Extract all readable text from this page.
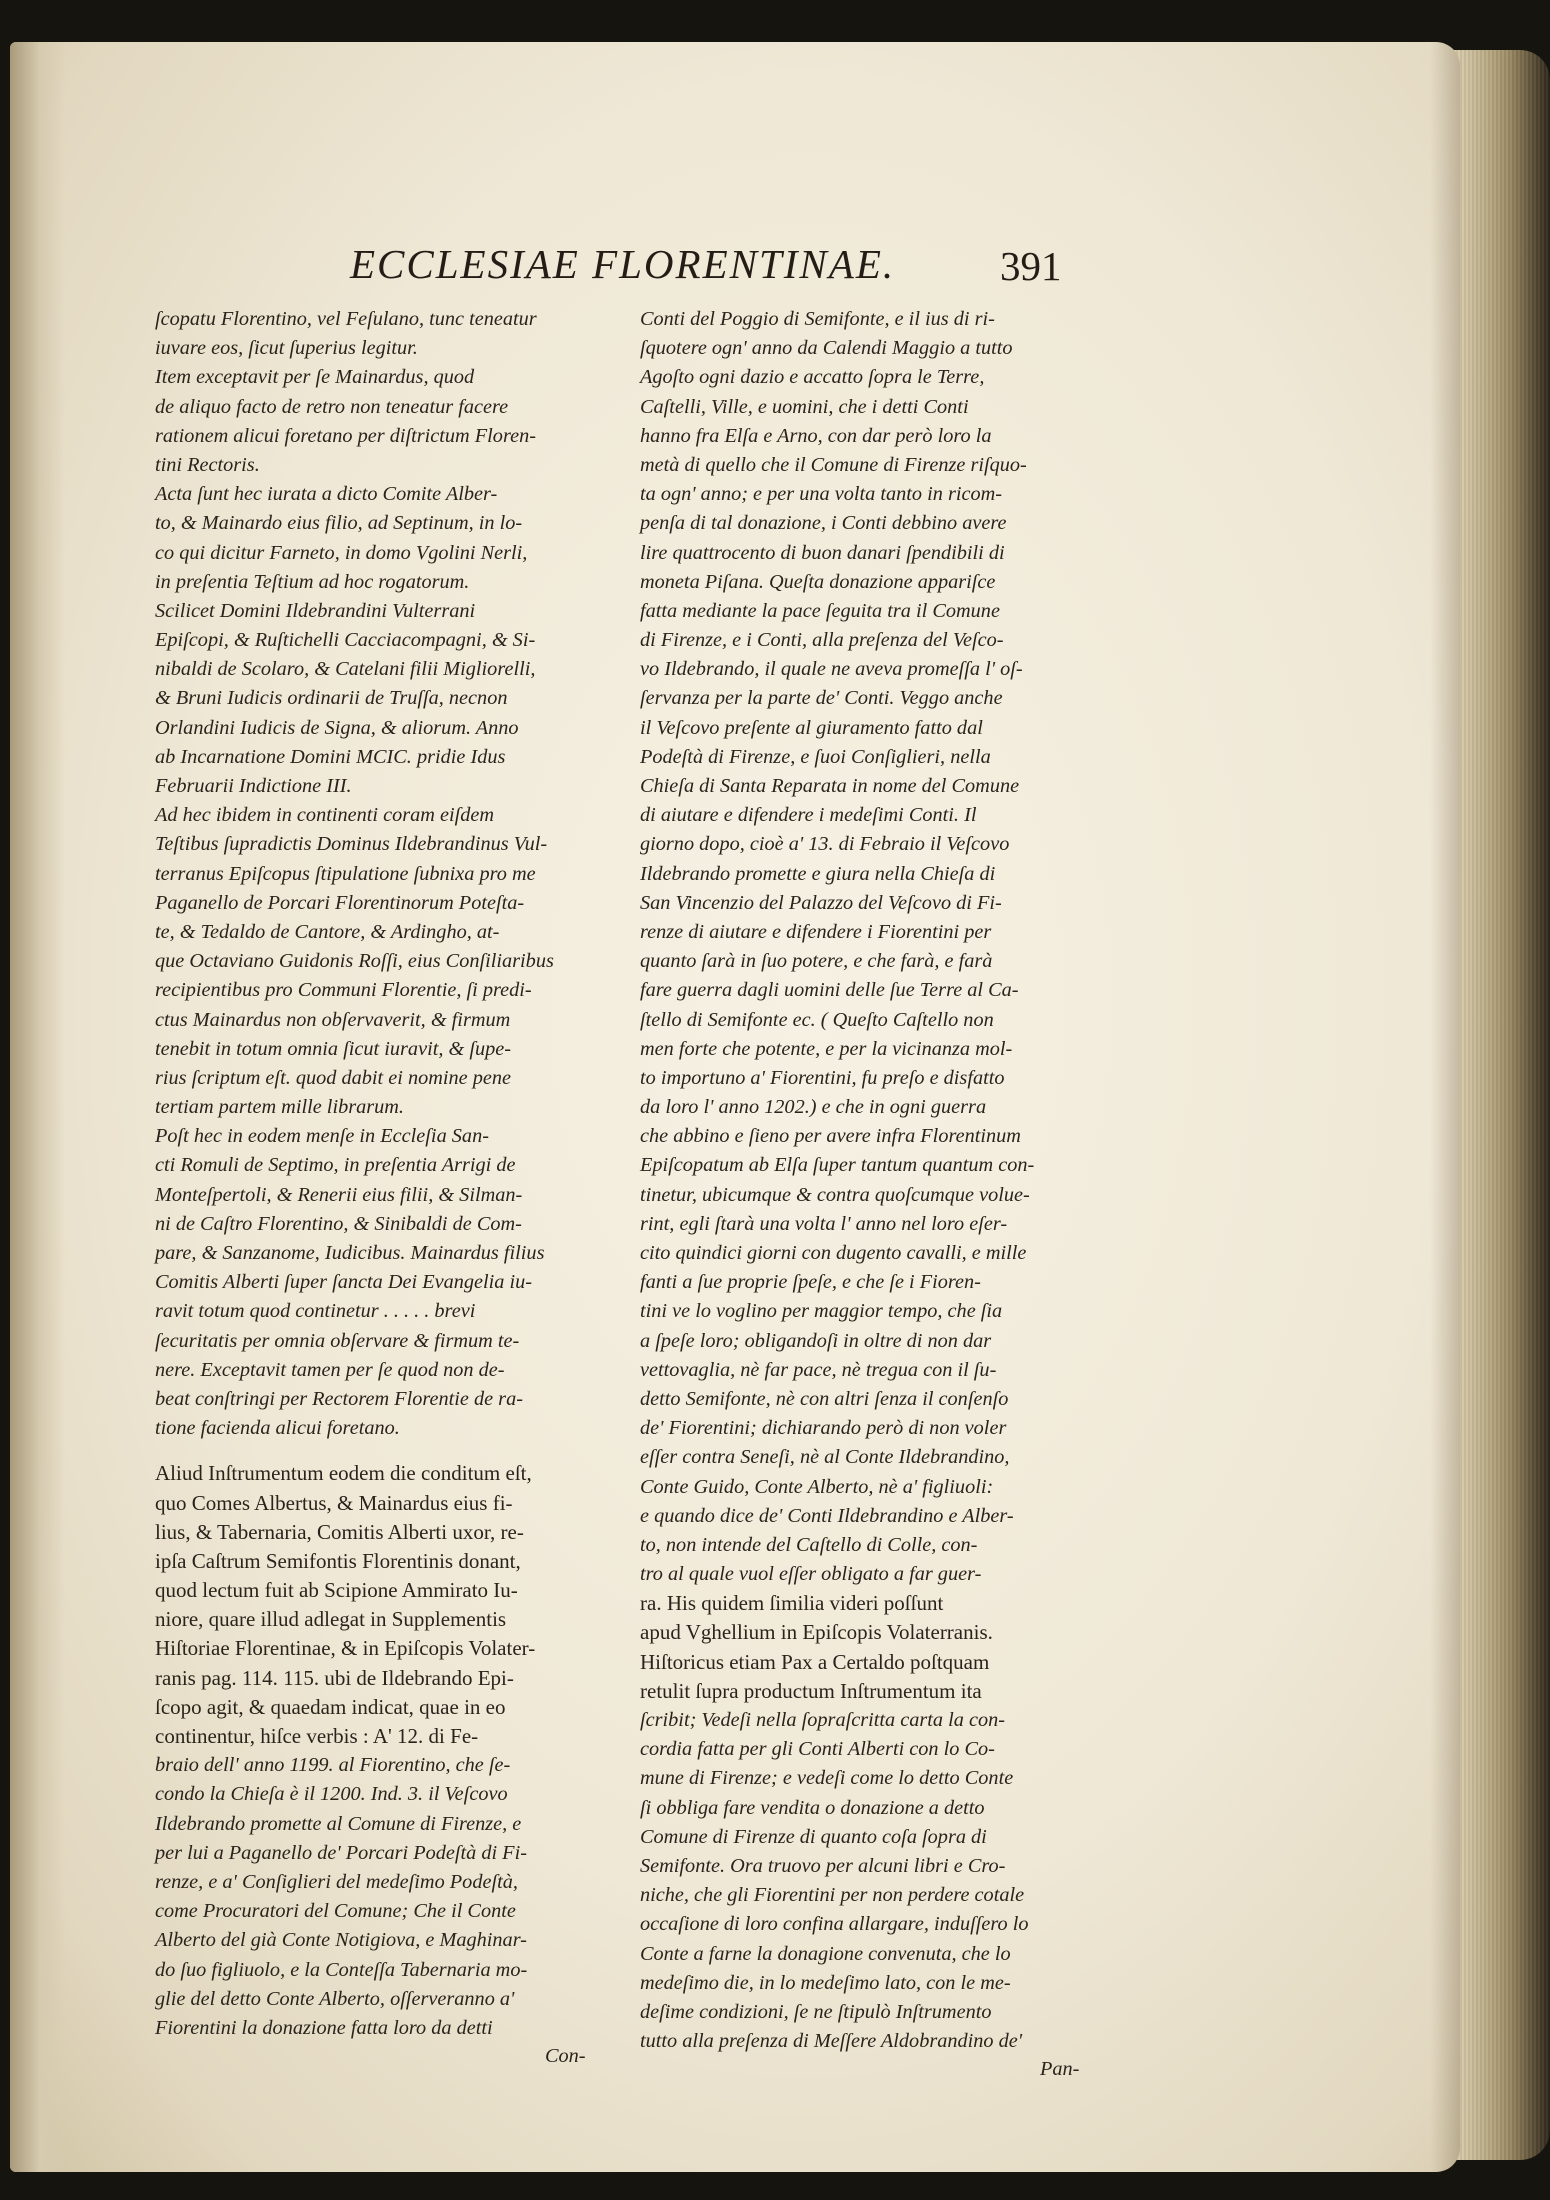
ECCLESIAE FLORENTINAE.	391
ſcopatu Florentino, vel Feſulano, tunc teneatur
iuvare eos, ſicut ſuperius legitur.
Item exceptavit per ſe Mainardus, quod
de aliquo facto de retro non teneatur facere
rationem alicui foretano per diſtrictum Floren-
tini Rectoris.
Acta ſunt hec iurata a dicto Comite Alber-
to, & Mainardo eius filio, ad Septinum, in lo-
co qui dicitur Farneto, in domo Vgolini Nerli,
in preſentia Teſtium ad hoc rogatorum.
Scilicet Domini Ildebrandini Vulterrani
Epiſcopi, & Ruſtichelli Cacciacompagni, & Si-
nibaldi de Scolaro, & Catelani filii Migliorelli,
& Bruni Iudicis ordinarii de Truſſa, necnon
Orlandini Iudicis de Signa, & aliorum. Anno
ab Incarnatione Domini MCIC. pridie Idus
Februarii Indictione III.
Ad hec ibidem in continenti coram eiſdem
Teſtibus ſupradictis Dominus Ildebrandinus Vul-
terranus Epiſcopus ſtipulatione ſubnixa pro me
Paganello de Porcari Florentinorum Poteſta-
te, & Tedaldo de Cantore, & Ardingho, at-
que Octaviano Guidonis Roſſi, eius Conſiliaribus
recipientibus pro Communi Florentie, ſi predi-
ctus Mainardus non obſervaverit, & firmum
tenebit in totum omnia ſicut iuravit, & ſupe-
rius ſcriptum eſt. quod dabit ei nomine pene
tertiam partem mille librarum.
Poſt hec in eodem menſe in Eccleſia San-
cti Romuli de Septimo, in preſentia Arrigi de
Monteſpertoli, & Renerii eius filii, & Silman-
ni de Caſtro Florentino, & Sinibaldi de Com-
pare, & Sanzanome, Iudicibus. Mainardus filius
Comitis Alberti ſuper ſancta Dei Evangelia iu-
ravit totum quod continetur . . . . . brevi
ſecuritatis per omnia obſervare & firmum te-
nere. Exceptavit tamen per ſe quod non de-
beat conſtringi per Rectorem Florentie de ra-
tione facienda alicui foretano.
Aliud Inſtrumentum eodem die conditum eſt,
quo Comes Albertus, & Mainardus eius fi-
lius, & Tabernaria, Comitis Alberti uxor, re-
ipſa Caſtrum Semifontis Florentinis donant,
quod lectum fuit ab Scipione Ammirato Iu-
niore, quare illud adlegat in Supplementis
Hiſtoriae Florentinae, & in Epiſcopis Volater-
ranis pag. 114. 115. ubi de Ildebrando Epi-
ſcopo agit, & quaedam indicat, quae in eo
continentur, hiſce verbis : A' 12. di Fe-
braio dell' anno 1199. al Fiorentino, che ſe-
condo la Chieſa è il 1200. Ind. 3. il Veſcovo
Ildebrando promette al Comune di Firenze, e
per lui a Paganello de' Porcari Podeſtà di Fi-
renze, e a' Conſiglieri del medeſimo Podeſtà,
come Procuratori del Comune; Che il Conte
Alberto del già Conte Notigiova, e Maghinar-
do ſuo figliuolo, e la Conteſſa Tabernaria mo-
glie del detto Conte Alberto, oſſerveranno a'
Fiorentini la donazione fatta loro da detti
Conti del Poggio di Semifonte, e il ius di ri-
ſquotere ogn' anno da Calendi Maggio a tutto
Agoſto ogni dazio e accatto ſopra le Terre,
Caſtelli, Ville, e uomini, che i detti Conti
hanno fra Elſa e Arno, con dar però loro la
metà di quello che il Comune di Firenze riſquo-
ta ogn' anno; e per una volta tanto in ricom-
penſa di tal donazione, i Conti debbino avere
lire quattrocento di buon danari ſpendibili di
moneta Piſana. Queſta donazione appariſce
fatta mediante la pace ſeguita tra il Comune
di Firenze, e i Conti, alla preſenza del Veſco-
vo Ildebrando, il quale ne aveva promeſſa l' oſ-
ſervanza per la parte de' Conti. Veggo anche
il Veſcovo preſente al giuramento fatto dal
Podeſtà di Firenze, e ſuoi Conſiglieri, nella
Chieſa di Santa Reparata in nome del Comune
di aiutare e difendere i medeſimi Conti. Il
giorno dopo, cioè a' 13. di Febraio il Veſcovo
Ildebrando promette e giura nella Chieſa di
San Vincenzio del Palazzo del Veſcovo di Fi-
renze di aiutare e difendere i Fiorentini per
quanto ſarà in ſuo potere, e che farà, e farà
fare guerra dagli uomini delle ſue Terre al Ca-
ſtello di Semifonte ec. ( Queſto Caſtello non
men forte che potente, e per la vicinanza mol-
to importuno a' Fiorentini, fu preſo e disfatto
da loro l' anno 1202.) e che in ogni guerra
che abbino e ſieno per avere infra Florentinum
Epiſcopatum ab Elſa ſuper tantum quantum con-
tinetur, ubicumque & contra quoſcumque volue-
rint, egli ſtarà una volta l' anno nel loro eſer-
cito quindici giorni con dugento cavalli, e mille
fanti a ſue proprie ſpeſe, e che ſe i Fioren-
tini ve lo voglino per maggior tempo, che ſia
a ſpeſe loro; obligandoſi in oltre di non dar
vettovaglia, nè far pace, nè tregua con il ſu-
detto Semifonte, nè con altri ſenza il conſenſo
de' Fiorentini; dichiarando però di non voler
eſſer contra Seneſi, nè al Conte Ildebrandino,
Conte Guido, Conte Alberto, nè a' figliuoli:
e quando dice de' Conti Ildebrandino e Alber-
to, non intende del Caſtello di Colle, con-
tro al quale vuol eſſer obligato a far guer-
ra. His quidem ſimilia videri poſſunt
apud Vghellium in Epiſcopis Volaterranis.
Hiſtoricus etiam Pax a Certaldo poſtquam
retulit ſupra productum Inſtrumentum ita
ſcribit; Vedeſi nella ſopraſcritta carta la con-
cordia fatta per gli Conti Alberti con lo Co-
mune di Firenze; e vedeſi come lo detto Conte
ſi obbliga fare vendita o donazione a detto
Comune di Firenze di quanto coſa ſopra di
Semifonte. Ora truovo per alcuni libri e Cro-
niche, che gli Fiorentini per non perdere cotale
occaſione di loro confina allargare, induſſero lo
Conte a farne la donagione convenuta, che lo
medeſimo die, in lo medeſimo lato, con le me-
deſime condizioni, ſe ne ſtipulò Inſtrumento
tutto alla preſenza di Meſſere Aldobrandino de'
Con-
Pan-
